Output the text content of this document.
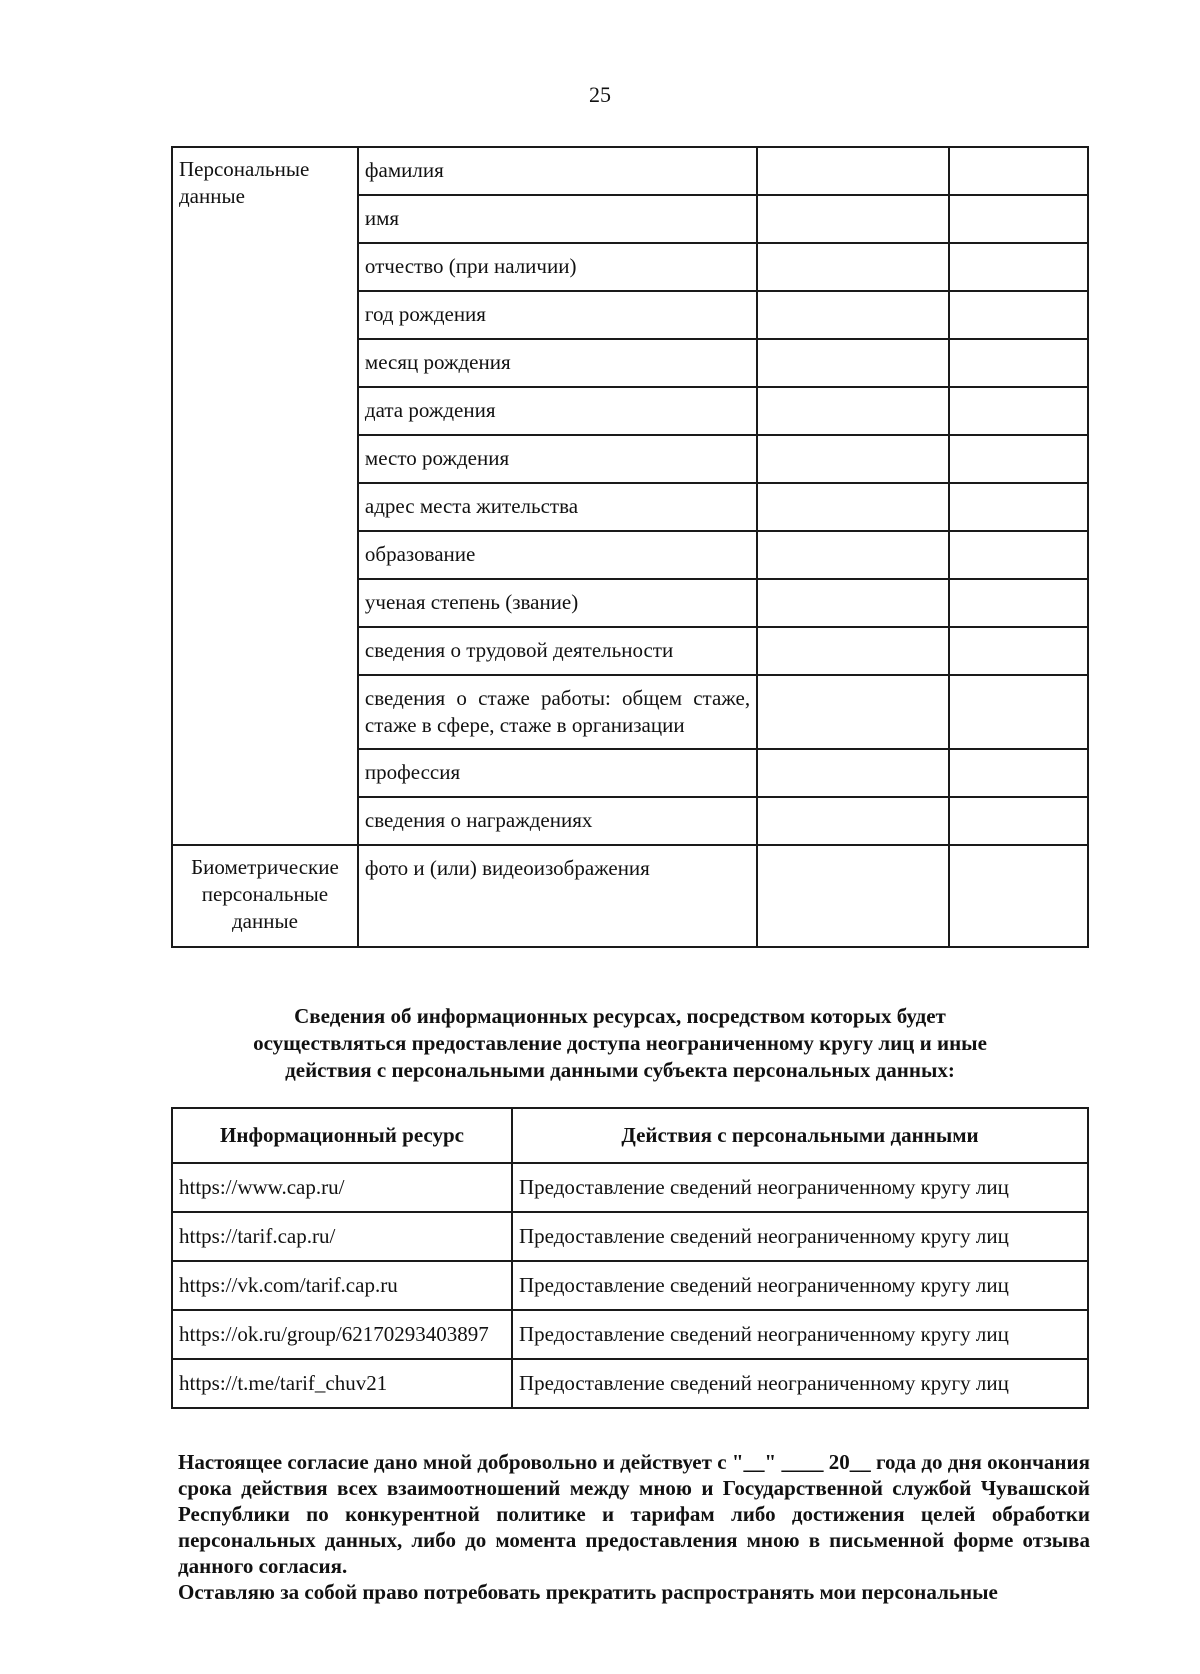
25
Персональные данные	фамилия		
	имя		
	отчество (при наличии)		
	год рождения		
	месяц рождения		
	дата рождения		
	место рождения		
	адрес места жительства		
	образование		
	ученая степень (звание)		
	сведения о трудовой деятельности		
	сведения о стаже работы: общем стаже, стаже в сфере, стаже в организации		
	профессия		
	сведения о награждениях		
Биометрические персональные данные	фото и (или) видеоизображения		
Сведения об информационных ресурсах, посредством которых будет осуществляться предоставление доступа неограниченному кругу лиц и иные действия с персональными данными субъекта персональных данных:
Информационный ресурс	Действия с персональными данными
https://www.cap.ru/	Предоставление сведений неограниченному кругу лиц
https://tarif.cap.ru/	Предоставление сведений неограниченному кругу лиц
https://vk.com/tarif.cap.ru	Предоставление сведений неограниченному кругу лиц
https://ok.ru/group/62170293403897	Предоставление сведений неограниченному кругу лиц
https://t.me/tarif_chuv21	Предоставление сведений неограниченному кругу лиц

Настоящее согласие дано мной добровольно и действует с "__" ____ 20__ года до дня окончания срока действия всех взаимоотношений между мною и Государственной службой Чувашской Республики по конкурентной политике и тарифам либо достижения целей обработки персональных данных, либо до момента предоставления мною в письменной форме отзыва данного согласия.

Оставляю за собой право потребовать прекратить распространять мои персональные
